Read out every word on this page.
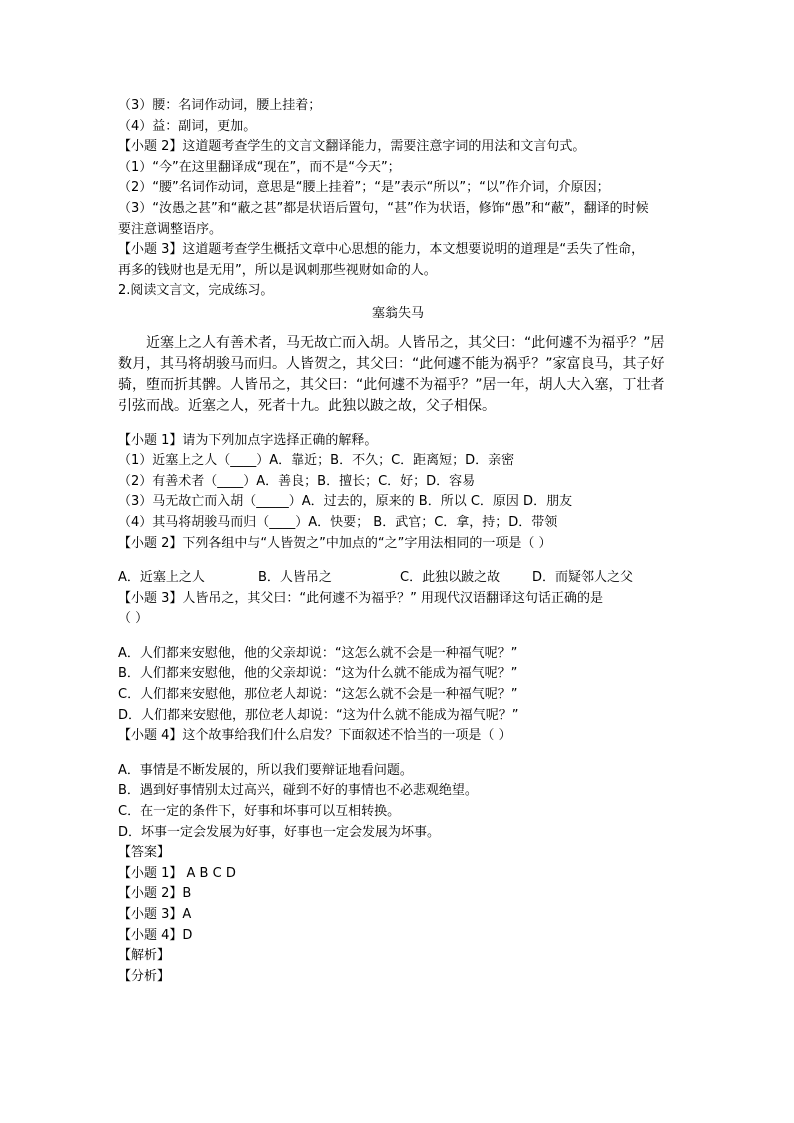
（3）腰：名词作动词，腰上挂着；
（4）益：副词，更加。
【小题 2】这道题考查学生的文言文翻译能力，需要注意字词的用法和文言句式。
（1）“今”在这里翻译成“现在”，而不是“今天”；
（2）“腰”名词作动词，意思是“腰上挂着”；“是”表示“所以”；“以”作介词，介原因；
（3）“汝愚之甚”和“蔽之甚”都是状语后置句，“甚”作为状语，修饰“愚”和“蔽”，翻译的时候
要注意调整语序。
【小题 3】这道题考查学生概括文章中心思想的能力，本文想要说明的道理是“丢失了性命，
再多的钱财也是无用”，所以是讽刺那些视财如命的人。
2.阅读文言文，完成练习。
塞翁失马

近塞上之人有善术者，马无故亡而入胡。人皆吊之，其父曰：“此何遽不为福乎？”居数月，其马将胡骏马而归。人皆贺之，其父曰：“此何遽不能为祸乎？”家富良马，其子好骑，堕而折其髀。人皆吊之，其父曰：“此何遽不为福乎？”居一年，胡人大入塞，丁壮者引弦而战。近塞之人，死者十九。此独以跛之故，父子相保。

【小题 1】请为下列加点字选择正确的解释。
（1）近塞上之人（____）A．靠近；B．不久；C．距离短；D．亲密
（2）有善术者（____）A．善良；B．擅长；C．好；D．容易
（3）马无故亡而入胡（_____）A．过去的，原来的 B．所以 C．原因 D．朋友
（4）其马将胡骏马而归（____）A．快要； B．武官；C．拿，持；D．带领
【小题 2】下列各组中与“人皆贺之”中加点的“之”字用法相同的一项是（ ）
A．近塞上之人	B．人皆吊之	C．此独以跛之故	D．而疑邻人之父
【小题 3】人皆吊之，其父曰：“此何遽不为福乎？” 用现代汉语翻译这句话正确的是
（ ）
A．人们都来安慰他，他的父亲却说：“这怎么就不会是一种福气呢？”
B．人们都来安慰他，他的父亲却说：“这为什么就不能成为福气呢？”
C．人们都来安慰他，那位老人却说：“这怎么就不会是一种福气呢？”
D．人们都来安慰他，那位老人却说：“这为什么就不能成为福气呢？”
【小题 4】这个故事给我们什么启发？下面叙述不恰当的一项是（ ）
A．事情是不断发展的，所以我们要辩证地看问题。
B．遇到好事情别太过高兴，碰到不好的事情也不必悲观绝望。
C．在一定的条件下，好事和坏事可以互相转换。
D．坏事一定会发展为好事，好事也一定会发展为坏事。
【答案】
【小题 1】 A B C D
【小题 2】B
【小题 3】A
【小题 4】D
【解析】
【分析】
